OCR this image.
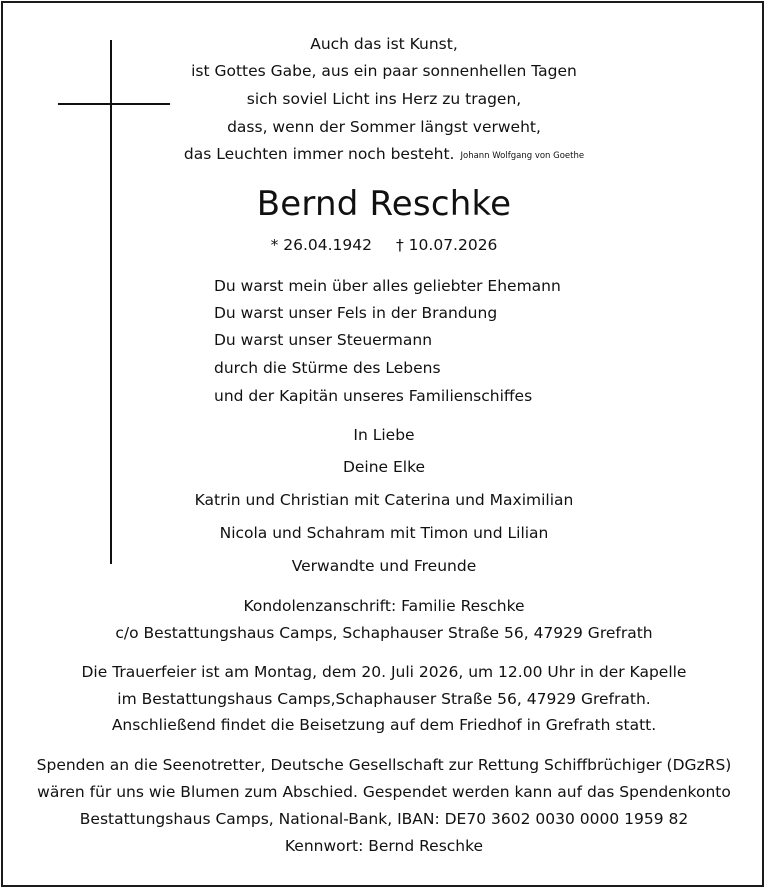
Auch das ist Kunst,
ist Gottes Gabe, aus ein paar sonnenhellen Tagen
sich soviel Licht ins Herz zu tragen,
dass, wenn der Sommer längst verweht,
das Leuchten immer noch besteht. Johann Wolfgang von Goethe
Bernd Reschke
* 26.04.1942 † 10.07.2026
Du warst mein über alles geliebter Ehemann
Du warst unser Fels in der Brandung
Du warst unser Steuermann
durch die Stürme des Lebens
und der Kapitän unseres Familienschiffes
In Liebe
Deine Elke
Katrin und Christian mit Caterina und Maximilian
Nicola und Schahram mit Timon und Lilian
Verwandte und Freunde
Kondolenzanschrift: Familie Reschke
c/o Bestattungshaus Camps, Schaphauser Straße 56, 47929 Grefrath
Die Trauerfeier ist am Montag, dem 20. Juli 2026, um 12.00 Uhr in der Kapelle
im Bestattungshaus Camps,Schaphauser Straße 56, 47929 Grefrath.
Anschließend findet die Beisetzung auf dem Friedhof in Grefrath statt.
Spenden an die Seenotretter, Deutsche Gesellschaft zur Rettung Schiffbrüchiger (DGzRS)
wären für uns wie Blumen zum Abschied. Gespendet werden kann auf das Spendenkonto
Bestattungshaus Camps, National-Bank, IBAN: DE70 3602 0030 0000 1959 82
Kennwort: Bernd Reschke
